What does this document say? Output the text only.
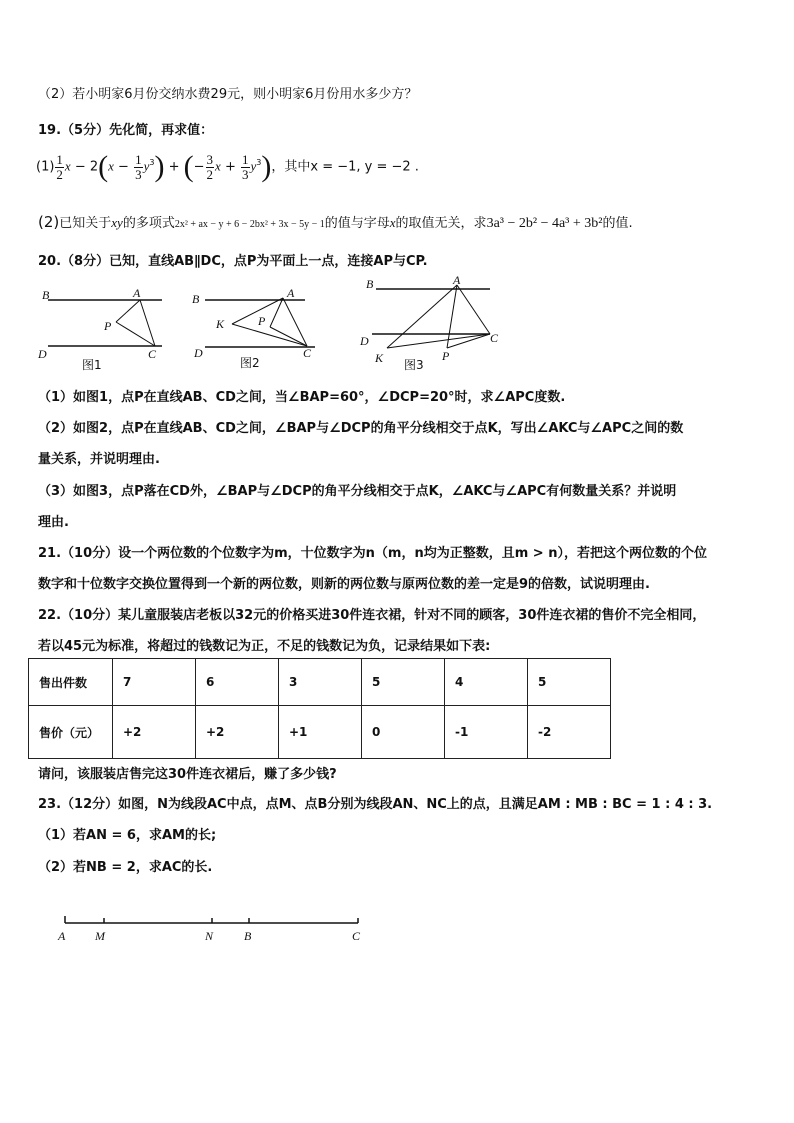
（2）若小明家6月份交纳水费29元，则小明家6月份用水多少方？
19.（5分）先化简，再求值：
$(1) \frac{1}{2}$ $x - 2(x - \frac{1}{3} y^3)$ + (− $\frac{3}{2}$ $x + \frac{1}{3} y^3$)，其中x = −1, y = −2 .
(2)已知关于xy的多项式2x² + ax − y + 6 − 2bx² + 3x − 5y − 1的值与字母x的取值无关，求3a³ − 2b² − 4a³ + 3b²的值.
20.（8分）已知，直线AB∥DC，点P为平面上一点，连接AP与CP.
B	A
P
D	C
图1
B	A
K	P
D	C
图2
B	A
D	C
K	P
图3
（1）如图1，点P在直线AB、CD之间，当∠BAP=60°，∠DCP=20°时，求∠APC度数.
（2）如图2，点P在直线AB、CD之间，∠BAP与∠DCP的角平分线相交于点K，写出∠AKC与∠APC之间的数
量关系，并说明理由.
（3）如图3，点P落在CD外，∠BAP与∠DCP的角平分线相交于点K，∠AKC与∠APC有何数量关系？并说明
理由.
21.（10分）设一个两位数的个位数字为m，十位数字为n（m，n均为正整数，且m > n），若把这个两位数的个位
数字和十位数字交换位置得到一个新的两位数，则新的两位数与原两位数的差一定是9的倍数，试说明理由.
22.（10分）某儿童服装店老板以32元的价格买进30件连衣裙，针对不同的顾客，30件连衣裙的售价不完全相同，
若以45元为标准，将超过的钱数记为正，不足的钱数记为负，记录结果如下表:
售出件数	7	6	3	5	4	5
售价（元）	+2	+2	+1	0	-1	-2
请问，该服装店售完这30件连衣裙后，赚了多少钱?
23.（12分）如图，N为线段AC中点，点M、点B分别为线段AN、NC上的点，且满足AM : MB : BC = 1 : 4 : 3.
（1）若AN = 6，求AM的长;
（2）若NB = 2，求AC的长.
A M	N	B	C
